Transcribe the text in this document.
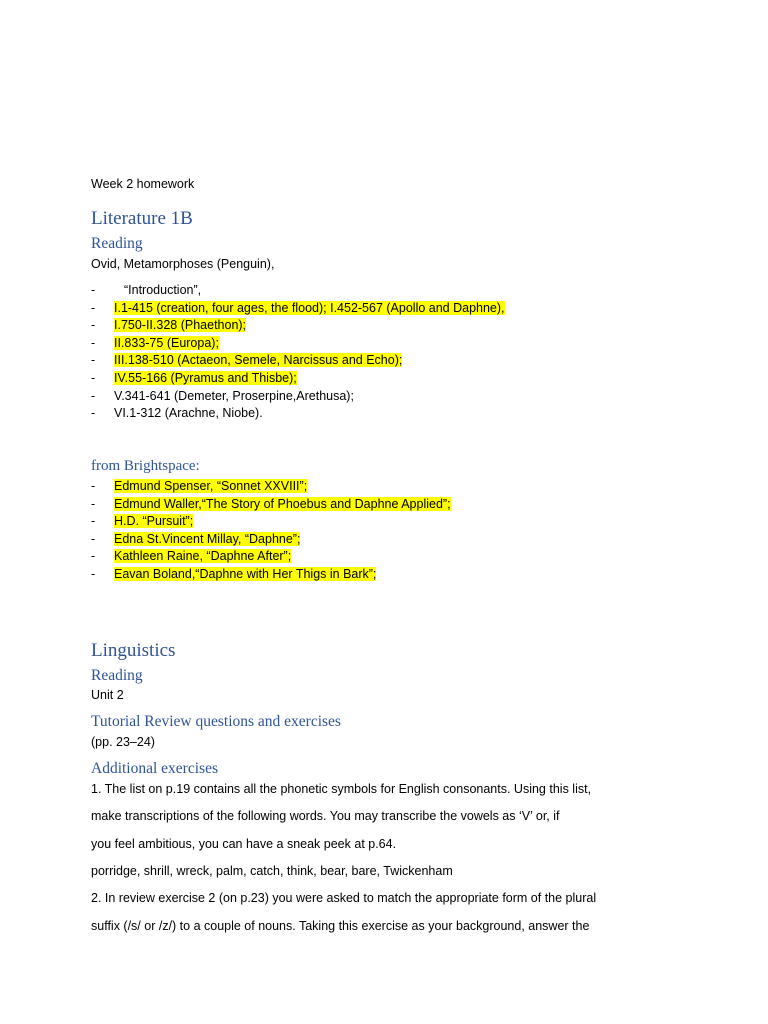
Week 2 homework

Literature 1B
Reading

Ovid, Metamorphoses (Penguin),

- “Introduction”,
- I.1-415 (creation, four ages, the flood); I.452-567 (Apollo and Daphne),
- I.750-II.328 (Phaethon);
- II.833-75 (Europa);
- III.138-510 (Actaeon, Semele, Narcissus and Echo);
- IV.55-166 (Pyramus and Thisbe);
- V.341-641 (Demeter, Proserpine,Arethusa);
- VI.1-312 (Arachne, Niobe).
from Brightspace:
- Edmund Spenser, “Sonnet XXVIII”;
- Edmund Waller,“The Story of Phoebus and Daphne Applied”;
- H.D. “Pursuit”;
- Edna St.Vincent Millay, “Daphne”;
- Kathleen Raine, “Daphne After”;
- Eavan Boland,“Daphne with Her Thigs in Bark”;
Linguistics
Reading

Unit 2

Tutorial Review questions and exercises

(pp. 23–24)

Additional exercises

1. The list on p.19 contains all the phonetic symbols for English consonants. Using this list,

make transcriptions of the following words. You may transcribe the vowels as ‘V’ or, if

you feel ambitious, you can have a sneak peek at p.64.

porridge, shrill, wreck, palm, catch, think, bear, bare, Twickenham

2. In review exercise 2 (on p.23) you were asked to match the appropriate form of the plural

suffix (/s/ or /z/) to a couple of nouns. Taking this exercise as your background, answer the
